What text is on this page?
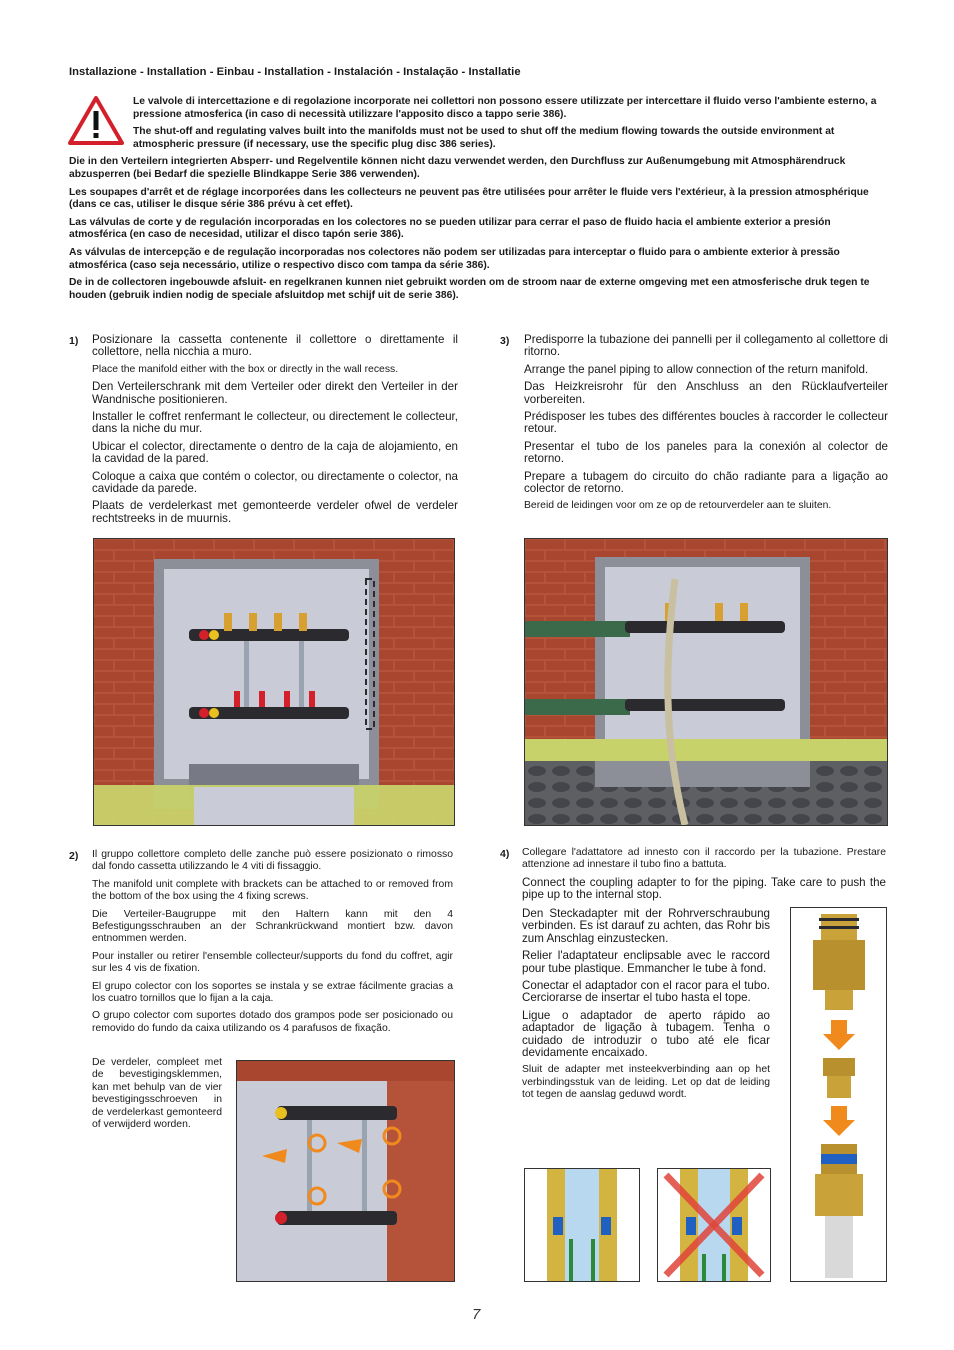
Installazione - Installation - Einbau - Installation - Instalación - Instalação - Installatie

Le valvole di intercettazione e di regolazione incorporate nei collettori non possono essere utilizzate per intercettare il fluido verso l'ambiente esterno, a pressione atmosferica (in caso di necessità utilizzare l'apposito disco a tappo serie 386).

The shut-off and regulating valves built into the manifolds must not be used to shut off the medium flowing towards the outside environment at atmospheric pressure (if necessary, use the specific plug disc 386 series).

Die in den Verteilern integrierten Absperr- und Regelventile können nicht dazu verwendet werden, den Durchfluss zur Außenumgebung mit Atmosphärendruck abzusperren (bei Bedarf die spezielle Blindkappe Serie 386 verwenden).

Les soupapes d'arrêt et de réglage incorporées dans les collecteurs ne peuvent pas être utilisées pour arrêter le fluide vers l'extérieur, à la pression atmosphérique (dans ce cas, utiliser le disque série 386 prévu à cet effet).

Las válvulas de corte y de regulación incorporadas en los colectores no se pueden utilizar para cerrar el paso de fluido hacia el ambiente exterior a presión atmosférica (en caso de necesidad, utilizar el disco tapón serie 386).

As válvulas de intercepção e de regulação incorporadas nos colectores não podem ser utilizadas para interceptar o fluido para o ambiente exterior à pressão atmosférica (caso seja necessário, utilize o respectivo disco com tampa da série 386).

De in de collectoren ingebouwde afsluit- en regelkranen kunnen niet gebruikt worden om de stroom naar de externe omgeving met een atmosferische druk tegen te houden (gebruik indien nodig de speciale afsluitdop met schijf uit de serie 386).

1) Posizionare la cassetta contenente il collettore o direttamente il collettore, nella nicchia a muro.

Place the manifold either with the box or directly in the wall recess.

Den Verteilerschrank mit dem Verteiler oder direkt den Verteiler in der Wandnische positionieren.

Installer le coffret renfermant le collecteur, ou directement le collecteur, dans la niche du mur.

Ubicar el colector, directamente o dentro de la caja de alojamiento, en la cavidad de la pared.

Coloque a caixa que contém o colector, ou directamente o colector, na cavidade da parede.

Plaats de verdelerkast met gemonteerde verdeler ofwel de verdeler rechtstreeks in de muurnis.

2) Il gruppo collettore completo delle zanche può essere posizionato o rimosso dal fondo cassetta utilizzando le 4 viti di fissaggio.

The manifold unit complete with brackets can be attached to or removed from the bottom of the box using the 4 fixing screws.

Die Verteiler-Baugruppe mit den Haltern kann mit den 4 Befestigungsschrauben an der Schrankrückwand montiert bzw. davon entnommen werden.

Pour installer ou retirer l'ensemble collecteur/supports du fond du coffret, agir sur les 4 vis de fixation.

El grupo colector con los soportes se instala y se extrae fácilmente gracias a los cuatro tornillos que lo fijan a la caja.

O grupo colector com suportes dotado dos grampos pode ser posicionado ou removido do fundo da caixa utilizando os 4 parafusos de fixação.

De verdeler, compleet met de bevestigingsklemmen, kan met behulp van de vier bevestigingsschroeven in de verdelerkast gemonteerd of verwijderd worden.
3) Predisporre la tubazione dei pannelli per il collegamento al collettore di ritorno.

Arrange the panel piping to allow connection of the return manifold.

Das Heizkreisrohr für den Anschluss an den Rücklaufverteiler vorbereiten.

Prédisposer les tubes des différentes boucles à raccorder le collecteur retour.

Presentar el tubo de los paneles para la conexión al colector de retorno.

Prepare a tubagem do circuito do chão radiante para a ligação ao colector de retorno.

Bereid de leidingen voor om ze op de retourverdeler aan te sluiten.

4) Collegare l'adattatore ad innesto con il raccordo per la tubazione. Prestare attenzione ad innestare il tubo fino a battuta.

Connect the coupling adapter to for the piping. Take care to push the pipe up to the internal stop.

Den Steckadapter mit der Rohrverschraubung verbinden. Es ist darauf zu achten, das Rohr bis zum Anschlag einzustecken.

Relier l'adaptateur enclipsable avec le raccord pour tube plastique. Emmancher le tube à fond.

Conectar el adaptador con el racor para el tubo. Cerciorarse de insertar el tubo hasta el tope.

Ligue o adaptador de aperto rápido ao adaptador de ligação à tubagem. Tenha o cuidado de introduzir o tubo até ele ficar devidamente encaixado.

Sluit de adapter met insteekverbinding aan op het verbindingsstuk van de leiding. Let op dat de leiding tot tegen de aanslag geduwd wordt.

7
